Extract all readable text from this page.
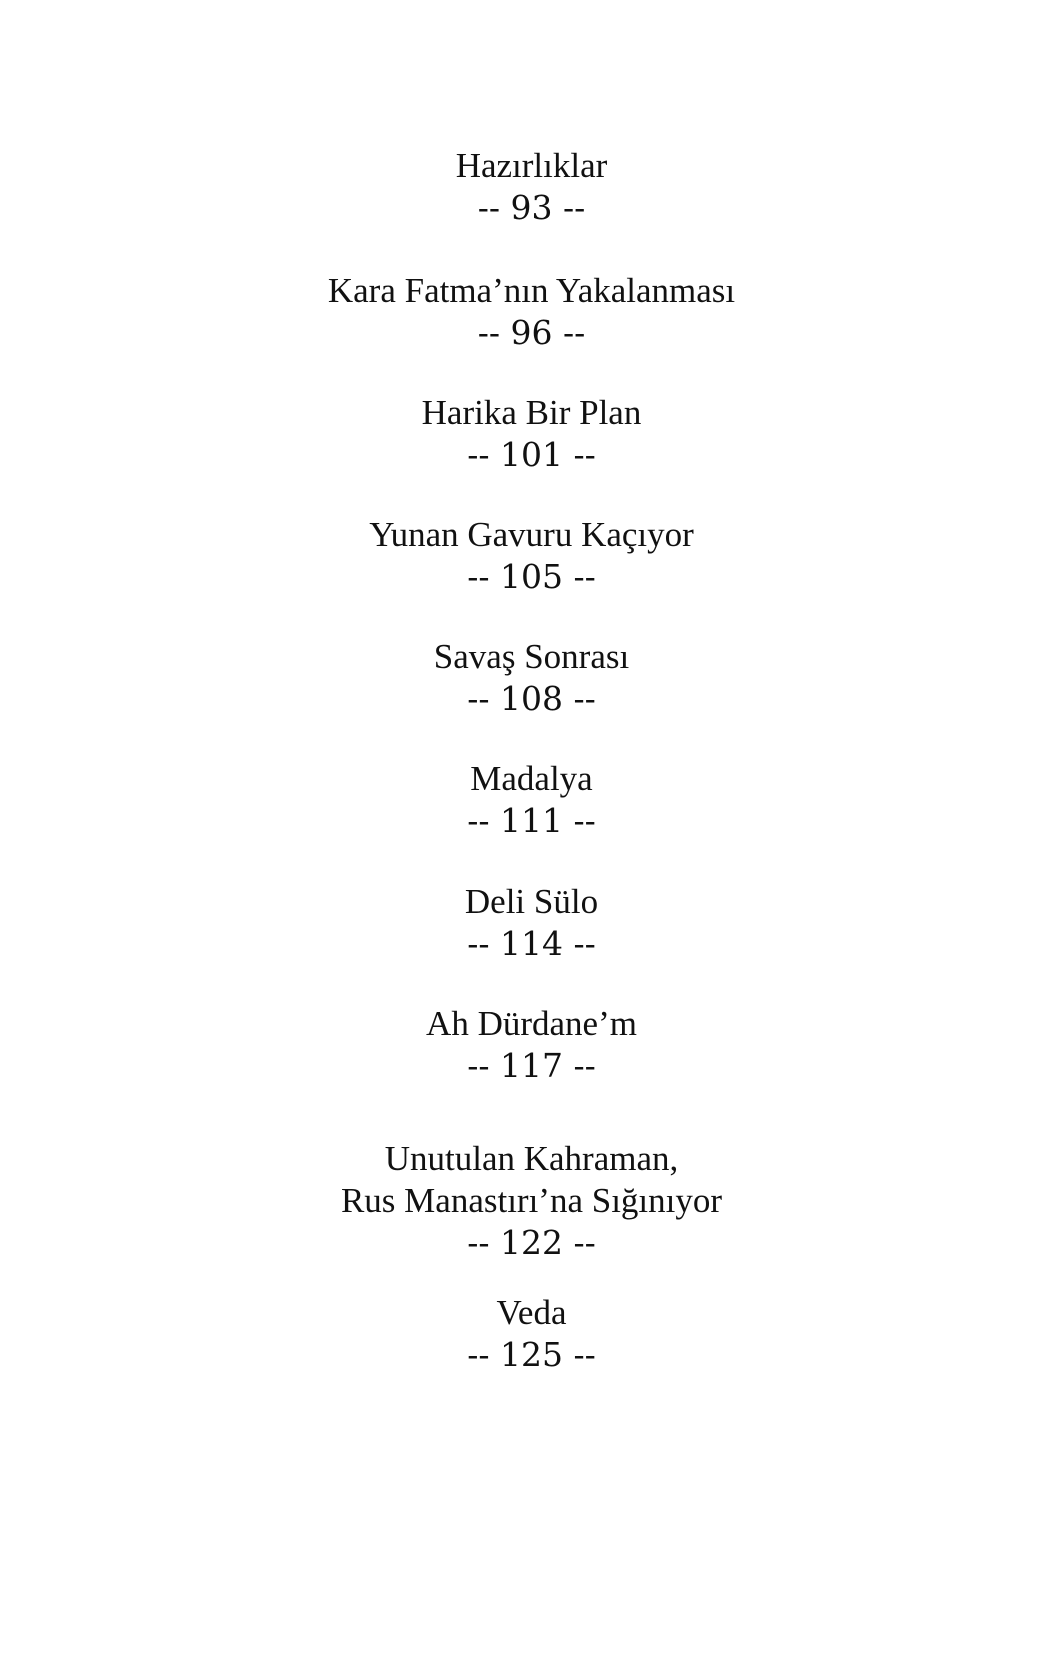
Hazırlıklar
-- 93 --
Kara Fatma’nın Yakalanması
-- 96 --
Harika Bir Plan
-- 101 --
Yunan Gavuru Kaçıyor
-- 105 --
Savaş Sonrası
-- 108 --
Madalya
-- 111 --
Deli Sülo
-- 114 --
Ah Dürdane’m
-- 117 --
Unutulan Kahraman,
Rus Manastırı’na Sığınıyor
-- 122 --
Veda
-- 125 --
